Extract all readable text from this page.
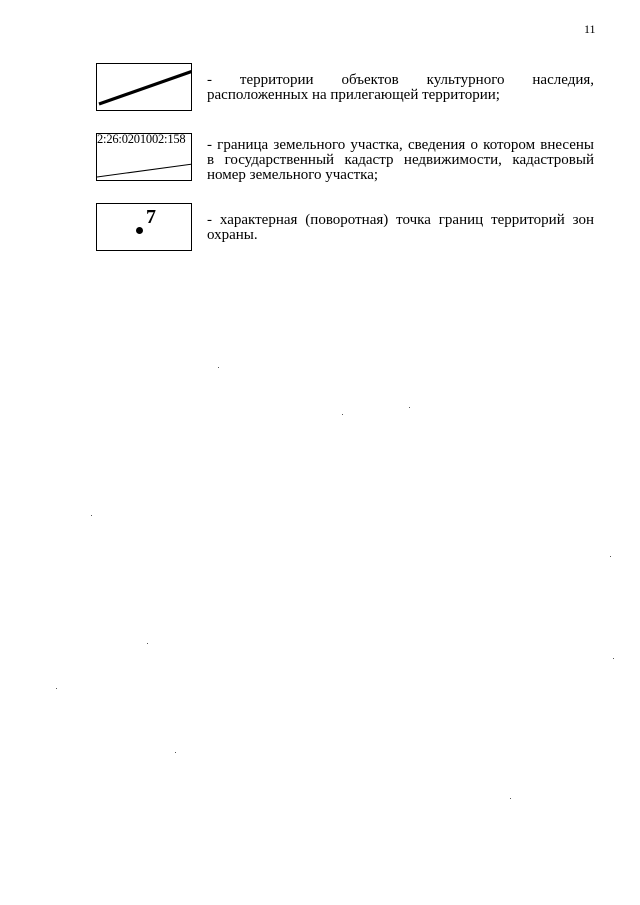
11
- территории объектов культурного наследия, расположенных на прилегающей территории;
2:26:0201002:158 - граница земельного участка, сведения о котором внесены в государственный кадастр недвижимости, кадастровый номер земельного участка;
7	- характерная (поворотная) точка границ территорий зон охраны.
